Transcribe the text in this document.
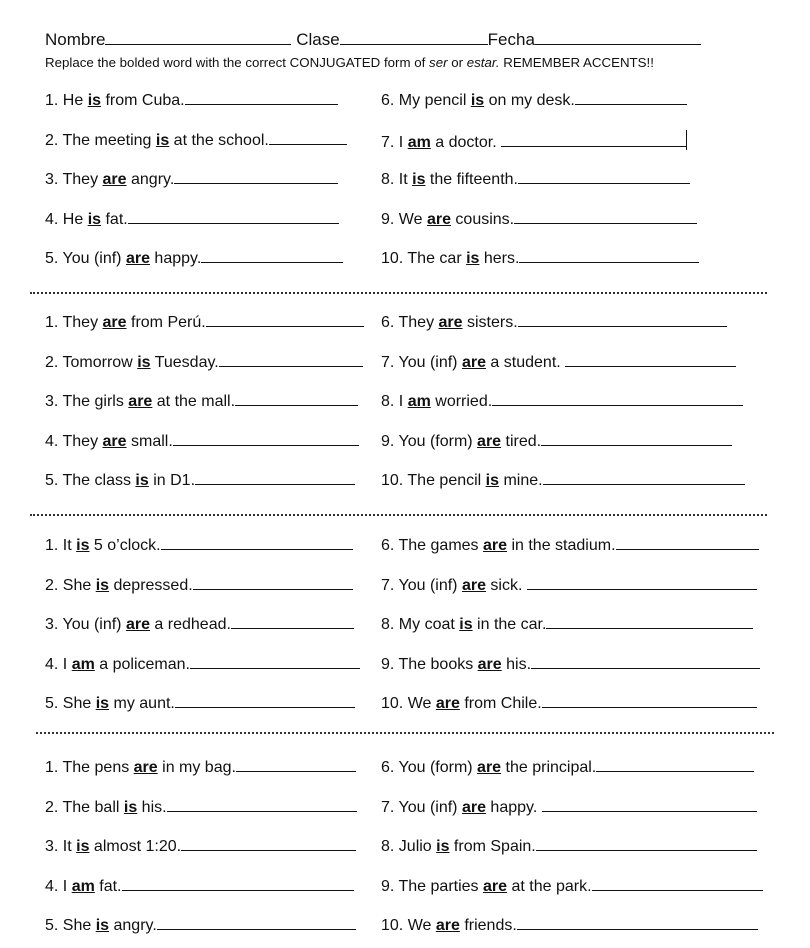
Nombre	Clase	Fecha
Replace the bolded word with the correct CONJUGATED form of ser or estar. REMEMBER ACCENTS!!
1. He is from Cuba.
2. The meeting is at the school.
3. They are angry.
4. He is fat.
5. You (inf) are happy.
6. My pencil is on my desk.
7. I am a doctor.
8. It is the fifteenth.
9. We are cousins.
10. The car is hers.
1. They are from Perú.
2. Tomorrow is Tuesday.
3. The girls are at the mall.
4. They are small.
5. The class is in D1.
6. They are sisters.
7. You (inf) are a student.
8. I am worried.
9. You (form) are tired.
10. The pencil is mine.
1. It is 5 o’clock.
2. She is depressed.
3. You (inf) are a redhead.
4. I am a policeman.
5. She is my aunt.
6. The games are in the stadium.
7. You (inf) are sick.
8. My coat is in the car.
9. The books are his.
10. We are from Chile.
1. The pens are in my bag.
2. The ball is his.
3. It is almost 1:20.
4. I am fat.
5. She is angry.
6. You (form) are the principal.
7. You (inf) are happy.
8. Julio is from Spain.
9. The parties are at the park.
10. We are friends.
